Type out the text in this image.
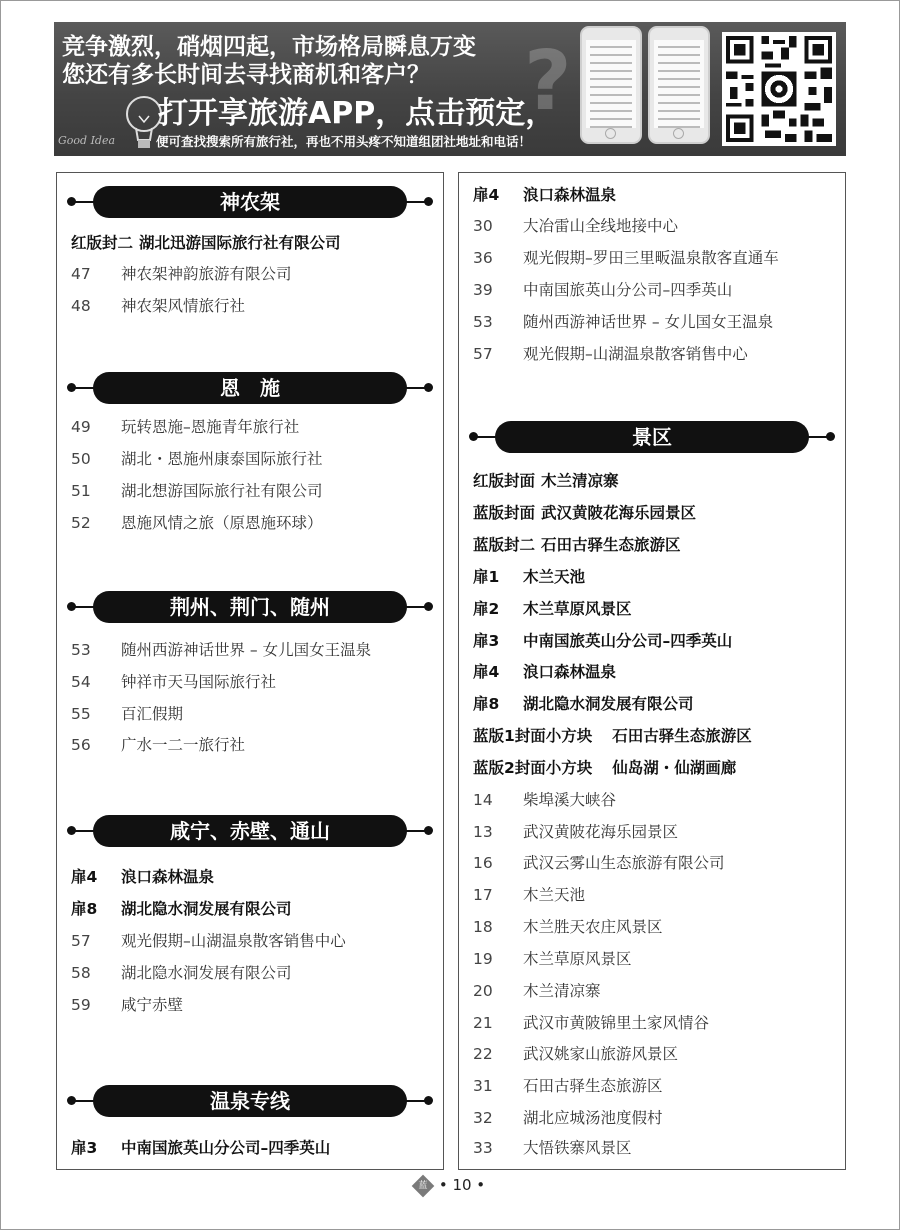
?
Good Idea
竞争激烈，硝烟四起，市场格局瞬息万变
您还有多长时间去寻找商机和客户？
打开享旅游APP，点击预定，
便可查找搜索所有旅行社，再也不用头疼不知道组团社地址和电话！
神农架
红版封二 湖北迅游国际旅行社有限公司
47 神农架神韵旅游有限公司
48 神农架风情旅行社
恩　施
49 玩转恩施–恩施青年旅行社
50 湖北・恩施州康泰国际旅行社
51 湖北想游国际旅行社有限公司
52 恩施风情之旅（原恩施环球）
荆州、荆门、随州
53 随州西游神话世界 – 女儿国女王温泉
54 钟祥市天马国际旅行社
55 百汇假期
56 广水一二一旅行社
咸宁、赤壁、通山
扉4 浪口森林温泉
扉8 湖北隐水洞发展有限公司
57 观光假期–山湖温泉散客销售中心
58 湖北隐水洞发展有限公司
59 咸宁赤壁
温泉专线
扉3 中南国旅英山分公司–四季英山
扉4 浪口森林温泉
30 大冶雷山全线地接中心
36 观光假期–罗田三里畈温泉散客直通车
39 中南国旅英山分公司–四季英山
53 随州西游神话世界 – 女儿国女王温泉
57 观光假期–山湖温泉散客销售中心
景区
红版封面 木兰清凉寨
蓝版封面 武汉黄陂花海乐园景区
蓝版封二 石田古驿生态旅游区
扉1 木兰天池
扉2 木兰草原风景区
扉3 中南国旅英山分公司–四季英山
扉4 浪口森林温泉
扉8 湖北隐水洞发展有限公司
蓝版1封面小方块 石田古驿生态旅游区
蓝版2封面小方块 仙岛湖・仙湖画廊
14 柴埠溪大峡谷
13 武汉黄陂花海乐园景区
16 武汉云雾山生态旅游有限公司
17 木兰天池
18 木兰胜天农庄风景区
19 木兰草原风景区
20 木兰清凉寨
21 武汉市黄陂锦里土家风情谷
22 武汉姚家山旅游风景区
31 石田古驿生态旅游区
32 湖北应城汤池度假村
33 大悟铁寨风景区
蓝 • 10 •
